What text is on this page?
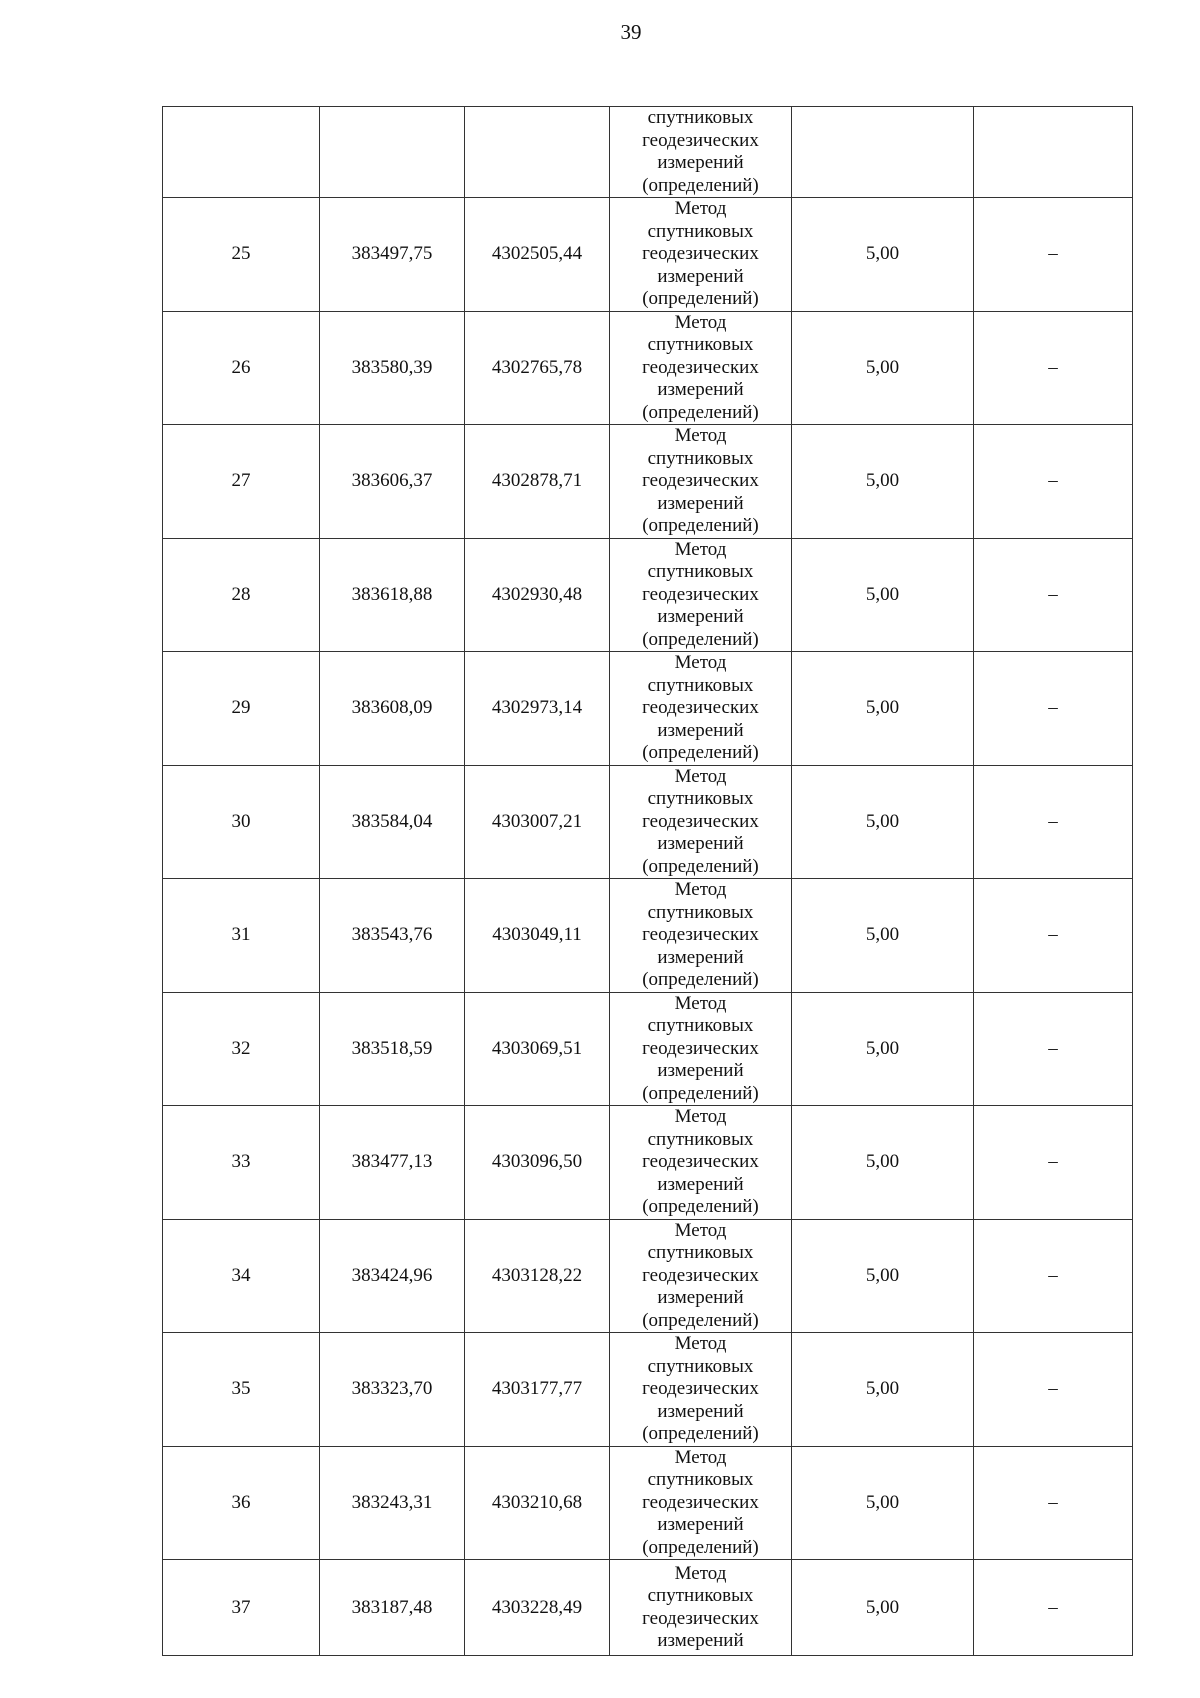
39

			спутниковых
геодезических
измерений
(определений)		

25	383497,75	4302505,44	Метод
спутниковых
геодезических
измерений
(определений)	5,00	–
26	383580,39	4302765,78	Метод
спутниковых
геодезических
измерений
(определений)	5,00	–
27	383606,37	4302878,71	Метод
спутниковых
геодезических
измерений
(определений)	5,00	–
28	383618,88	4302930,48	Метод
спутниковых
геодезических
измерений
(определений)	5,00	–
29	383608,09	4302973,14	Метод
спутниковых
геодезических
измерений
(определений)	5,00	–
30	383584,04	4303007,21	Метод
спутниковых
геодезических
измерений
(определений)	5,00	–
31	383543,76	4303049,11	Метод
спутниковых
геодезических
измерений
(определений)	5,00	–
32	383518,59	4303069,51	Метод
спутниковых
геодезических
измерений
(определений)	5,00	–
33	383477,13	4303096,50	Метод
спутниковых
геодезических
измерений
(определений)	5,00	–
34	383424,96	4303128,22	Метод
спутниковых
геодезических
измерений
(определений)	5,00	–
35	383323,70	4303177,77	Метод
спутниковых
геодезических
измерений
(определений)	5,00	–
36	383243,31	4303210,68	Метод
спутниковых
геодезических
измерений
(определений)	5,00	–
37	383187,48	4303228,49	Метод
спутниковых
геодезических
измерений	5,00	–
